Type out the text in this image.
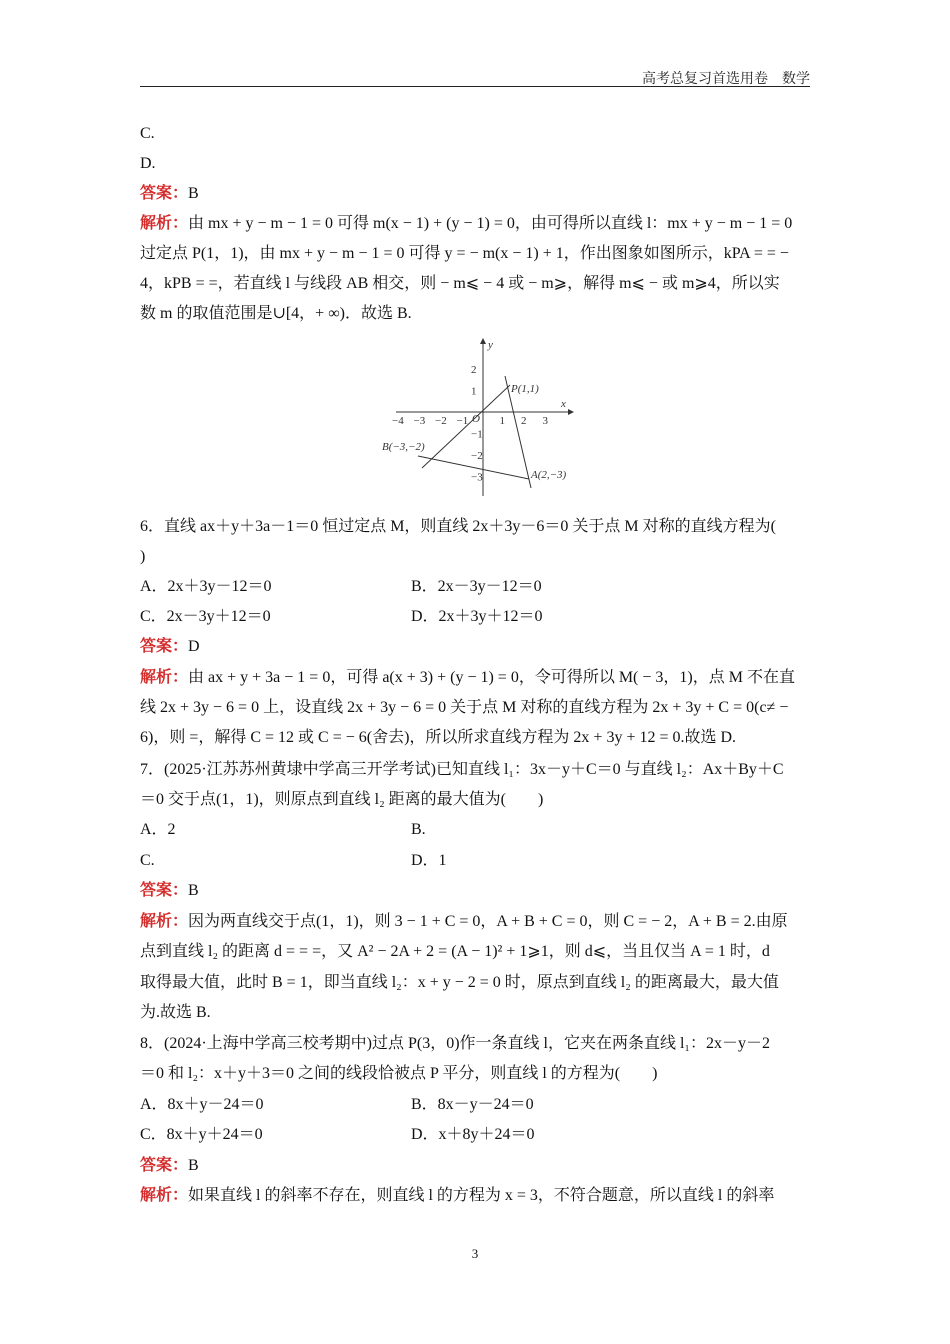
高考总复习首选用卷　数学
C.
D.
答案：B
解析：由 mx + y − m − 1 = 0 可得 m(x − 1) + (y − 1) = 0，由可得所以直线 l：mx + y − m − 1 = 0
过定点 P(1，1)，由 mx + y − m − 1 = 0 可得 y = − m(x − 1) + 1，作出图象如图所示，kPA = = −
4，kPB = =，若直线 l 与线段 AB 相交，则 − m⩽ − 4 或 − m⩾，解得 m⩽ − 或 m⩾4，所以实
数 m 的取值范围是∪[4，+ ∞)．故选 B.
x
y
O
−4 −3 −2 −1	1 2 3
2
1
−1
−2
−3
P(1,1)
A(2,−3)
B(−3,−2)
6．直线 ax＋y＋3a－1＝0 恒过定点 M，则直线 2x＋3y－6＝0 关于点 M 对称的直线方程为(
)
A．2x＋3y－12＝0	B．2x－3y－12＝0
C．2x－3y＋12＝0	D．2x＋3y＋12＝0
答案：D
解析：由 ax + y + 3a − 1 = 0，可得 a(x + 3) + (y − 1) = 0，令可得所以 M( − 3，1)，点 M 不在直
线 2x + 3y − 6 = 0 上，设直线 2x + 3y − 6 = 0 关于点 M 对称的直线方程为 2x + 3y + C = 0(c≠ −
6)，则 =，解得 C = 12 或 C = − 6(舍去)，所以所求直线方程为 2x + 3y + 12 = 0.故选 D.
7．(2025·江苏苏州黄埭中学高三开学考试)已知直线 l₁：3x－y＋C＝0 与直线 l₂：Ax＋By＋C
＝0 交于点(1，1)，则原点到直线 l₂ 距离的最大值为(　　)
A．2	B.
C.	D．1
答案：B
解析：因为两直线交于点(1，1)，则 3 − 1 + C = 0，A + B + C = 0，则 C = − 2，A + B = 2.由原
点到直线 l₂ 的距离 d = = =，又 A² − 2A + 2 = (A − 1)² + 1⩾1，则 d⩽，当且仅当 A = 1 时，d
取得最大值，此时 B = 1，即当直线 l₂：x + y − 2 = 0 时，原点到直线 l₂ 的距离最大，最大值
为.故选 B.
8．(2024·上海中学高三校考期中)过点 P(3，0)作一条直线 l，它夹在两条直线 l₁：2x－y－2
＝0 和 l₂：x＋y＋3＝0 之间的线段恰被点 P 平分，则直线 l 的方程为(　　)
A．8x＋y－24＝0	B．8x－y－24＝0
C．8x＋y＋24＝0	D．x＋8y＋24＝0
答案：B
解析：如果直线 l 的斜率不存在，则直线 l 的方程为 x = 3，不符合题意，所以直线 l 的斜率
3
